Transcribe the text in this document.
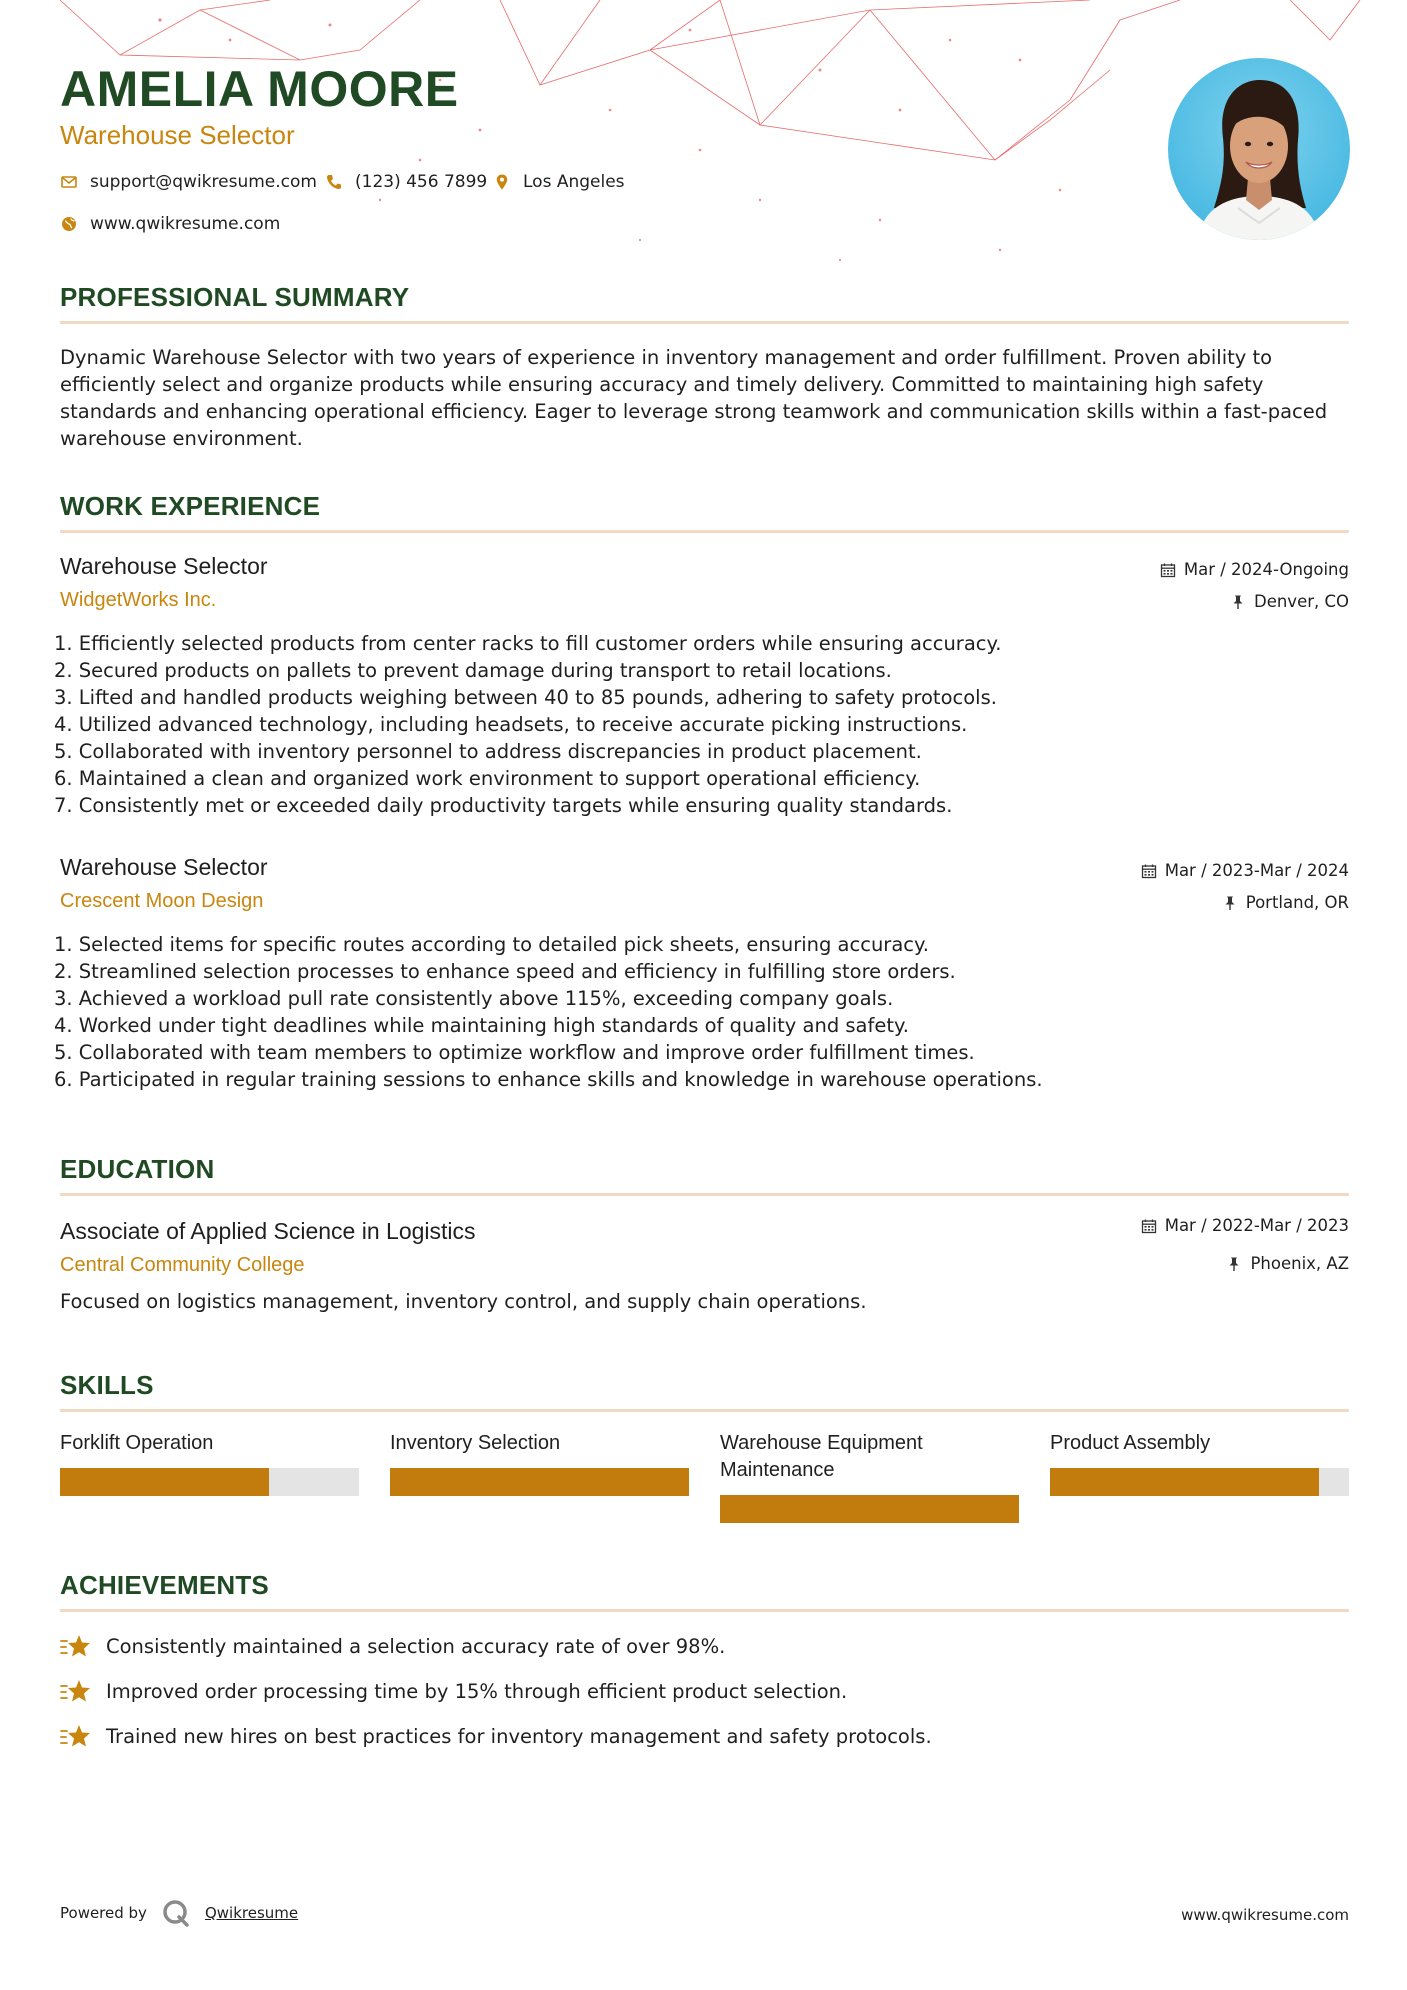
AMELIA MOORE
Warehouse Selector
support@qwikresume.com (123) 456 7899 Los Angeles
www.qwikresume.com
PROFESSIONAL SUMMARY

Dynamic Warehouse Selector with two years of experience in inventory management and order fulfillment. Proven ability to efficiently select and organize products while ensuring accuracy and timely delivery. Committed to maintaining high safety standards and enhancing operational efficiency. Eager to leverage strong teamwork and communication skills within a fast-paced warehouse environment.

WORK EXPERIENCE
Warehouse Selector
WidgetWorks Inc.
Mar / 2024-Ongoing
Denver, CO
1. Efficiently selected products from center racks to fill customer orders while ensuring accuracy.
2. Secured products on pallets to prevent damage during transport to retail locations.
3. Lifted and handled products weighing between 40 to 85 pounds, adhering to safety protocols.
4. Utilized advanced technology, including headsets, to receive accurate picking instructions.
5. Collaborated with inventory personnel to address discrepancies in product placement.
6. Maintained a clean and organized work environment to support operational efficiency.
7. Consistently met or exceeded daily productivity targets while ensuring quality standards.
Warehouse Selector
Crescent Moon Design
Mar / 2023-Mar / 2024
Portland, OR
1. Selected items for specific routes according to detailed pick sheets, ensuring accuracy.
2. Streamlined selection processes to enhance speed and efficiency in fulfilling store orders.
3. Achieved a workload pull rate consistently above 115%, exceeding company goals.
4. Worked under tight deadlines while maintaining high standards of quality and safety.
5. Collaborated with team members to optimize workflow and improve order fulfillment times.
6. Participated in regular training sessions to enhance skills and knowledge in warehouse operations.
EDUCATION
Associate of Applied Science in Logistics
Central Community College
Mar / 2022-Mar / 2023
Phoenix, AZ
Focused on logistics management, inventory control, and supply chain operations.
SKILLS
Forklift Operation	Inventory Selection	Warehouse Equipment Maintenance
Product Assembly
ACHIEVEMENTS
Consistently maintained a selection accuracy rate of over 98%.
Improved order processing time by 15% through efficient product selection.
Trained new hires on best practices for inventory management and safety protocols.
Powered by	Qwikresume	www.qwikresume.com
